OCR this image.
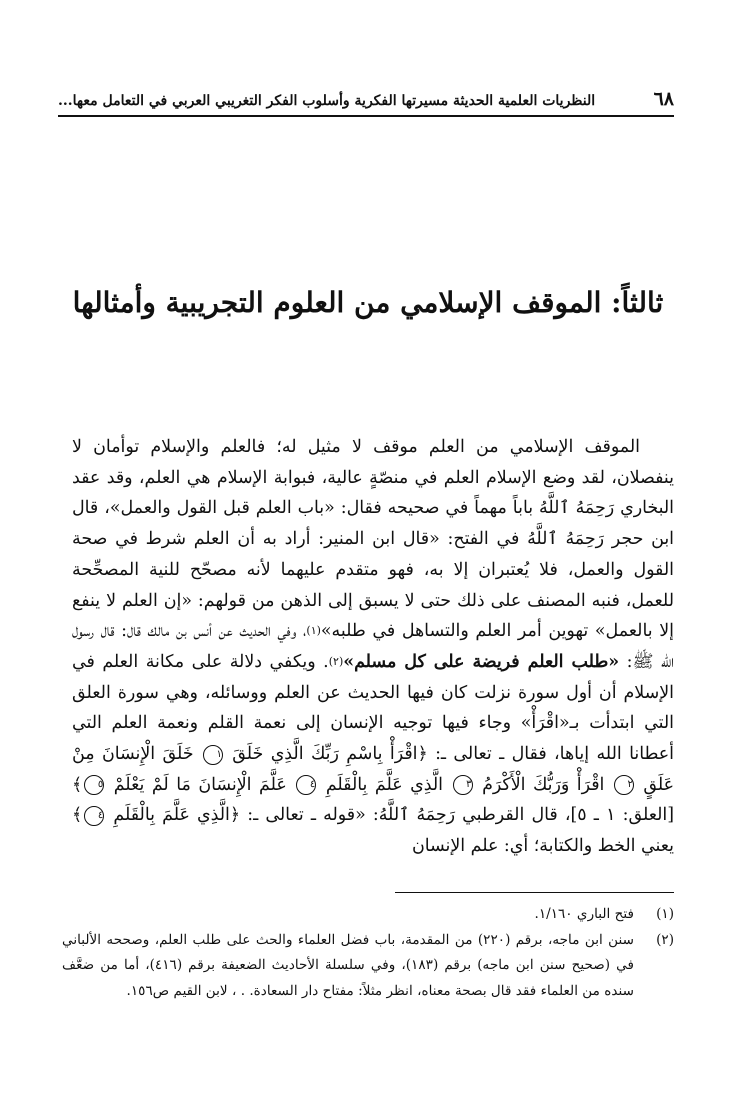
النظريات العلمية الحديثة مسيرتها الفكرية وأسلوب الفكر التغريبي العربي في التعامل معها...	٦٨
ثالثاً: الموقف الإسلامي من العلوم التجريبية وأمثالها

الموقف الإسلامي من العلم موقف لا مثيل له؛ فالعلم والإسلام توأمان لا ينفصلان، لقد وضع الإسلام العلم في منصّةٍ عالية، فبوابة الإسلام هي العلم، وقد عقد البخاري رَحِمَهُ ٱللَّهُ باباً مهماً في صحيحه فقال: «باب العلم قبل القول والعمل»، قال ابن حجر رَحِمَهُ ٱللَّهُ في الفتح: «قال ابن المنير: أراد به أن العلم شرط في صحة القول والعمل، فلا يُعتبران إلا به، فهو متقدم عليهما لأنه مصحّح للنية المصحِّحة للعمل، فنبه المصنف على ذلك حتى لا يسبق إلى الذهن من قولهم: «إن العلم لا ينفع إلا بالعمل» تهوين أمر العلم والتساهل في طلبه»$^{(١)}$، وفي الحديث عن أنس بن مالك قال: قال رسول الله ﷺ: «طلب العلم فريضة على كل مسلم»$^{(٢)}$. ويكفي دلالة على مكانة العلم في الإسلام أن أول سورة نزلت كان فيها الحديث عن العلم ووسائله، وهي سورة العلق التي ابتدأت بـ«اقْرَأْ» وجاء فيها توجيه الإنسان إلى نعمة القلم ونعمة العلم التي أعطانا الله إياها، فقال ـ تعالى ـ: ﴿اقْرَأْ بِاسْمِ رَبِّكَ الَّذِي خَلَقَ ١ خَلَقَ الْإِنسَانَ مِنْ عَلَقٍ ٢ اقْرَأْ وَرَبُّكَ الْأَكْرَمُ ٣ الَّذِي عَلَّمَ بِالْقَلَمِ ٤ عَلَّمَ الْإِنسَانَ مَا لَمْ يَعْلَمْ ٥﴾ [العلق: ١ ـ ٥]، قال القرطبي رَحِمَهُ ٱللَّهُ: «قوله ـ تعالى ـ: ﴿الَّذِي عَلَّمَ بِالْقَلَمِ ٤﴾ يعني الخط والكتابة؛ أي: علم الإنسان

(١)
فتح الباري ١/١٦٠.
(٢)
سنن ابن ماجه، برقم (٢٢٠) من المقدمة، باب فضل العلماء والحث على طلب العلم، وصححه الألباني في (صحيح سنن ابن ماجه) برقم (١٨٣)، وفي سلسلة الأحاديث الضعيفة برقم (٤١٦)، أما من ضعَّف سنده من العلماء فقد قال بصحة معناه، انظر مثلاً: مفتاح دار السعادة. . ، لابن القيم ص١٥٦.
